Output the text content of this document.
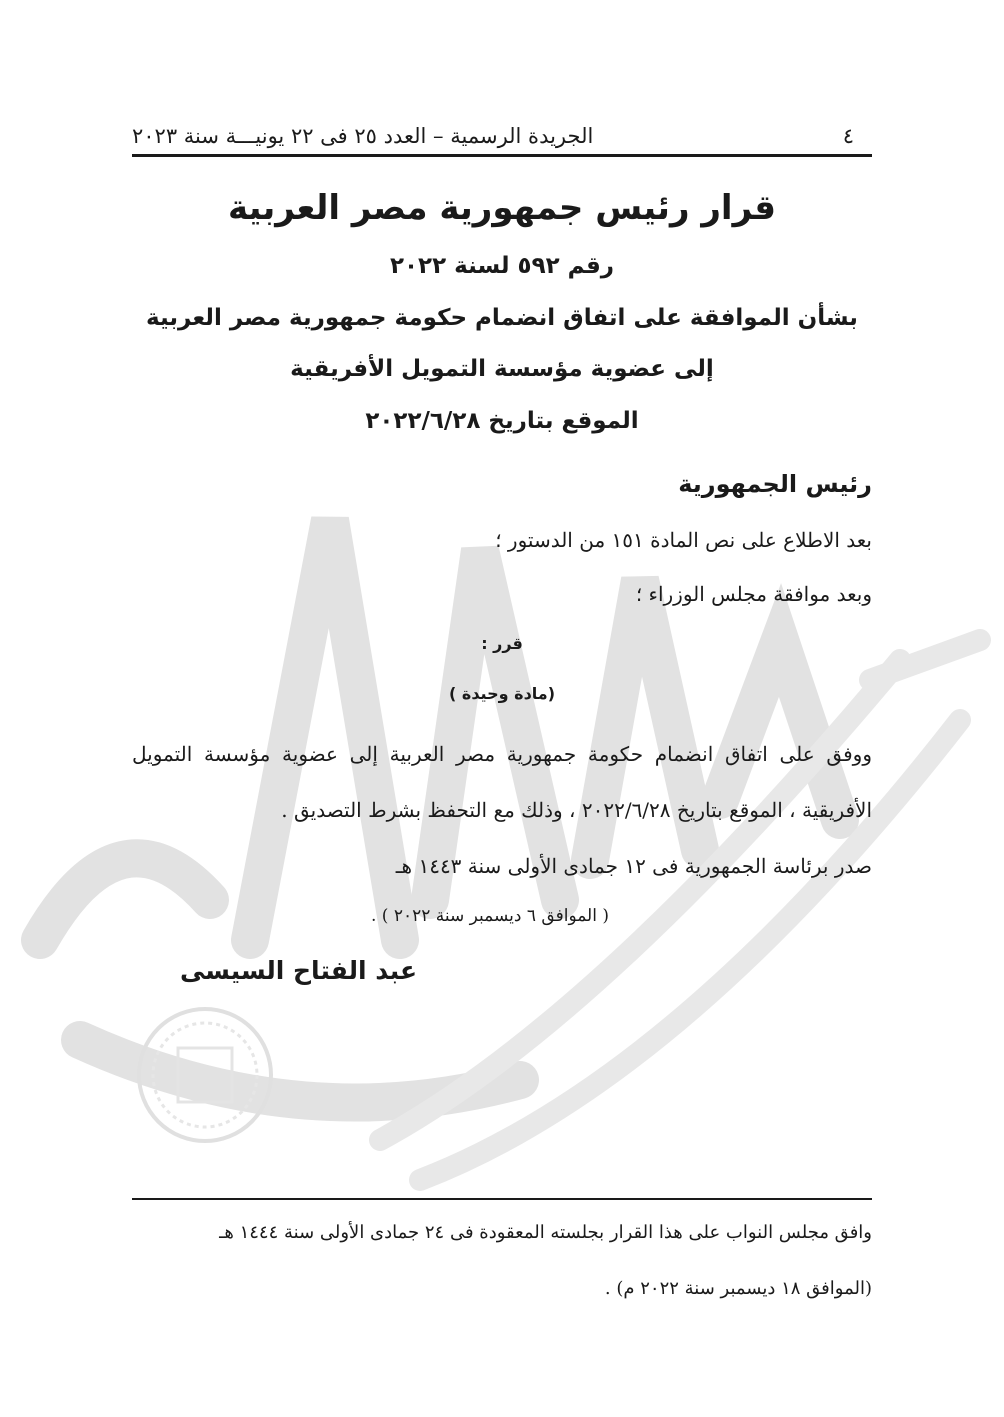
٤
الجريدة الرسمية – العدد ٢٥ فى ٢٢ يونيـــة سنة ٢٠٢٣
قرار رئيس جمهورية مصر العربية
رقم ٥٩٢ لسنة ٢٠٢٢
بشأن الموافقة على اتفاق انضمام حكومة جمهورية مصر العربية
إلى عضوية مؤسسة التمويل الأفريقية
الموقع بتاريخ ٢٠٢٢/٦/٢٨
رئيس الجمهورية
بعد الاطلاع على نص المادة ١٥١ من الدستور ؛
وبعد موافقة مجلس الوزراء ؛
قرر :
(مادة وحيدة )
ووفق على اتفاق انضمام حكومة جمهورية مصر العربية إلى عضوية مؤسسة التمويل
الأفريقية ، الموقع بتاريخ ٢٠٢٢/٦/٢٨ ، وذلك مع التحفظ بشرط التصديق .
صدر برئاسة الجمهورية فى ١٢ جمادى الأولى سنة ١٤٤٣ هـ
( الموافق ٦ ديسمبر سنة ٢٠٢٢ ) .
عبد الفتاح السيسى
وافق مجلس النواب على هذا القرار بجلسته المعقودة فى ٢٤ جمادى الأولى سنة ١٤٤٤ هـ
(الموافق ١٨ ديسمبر سنة ٢٠٢٢ م) .
